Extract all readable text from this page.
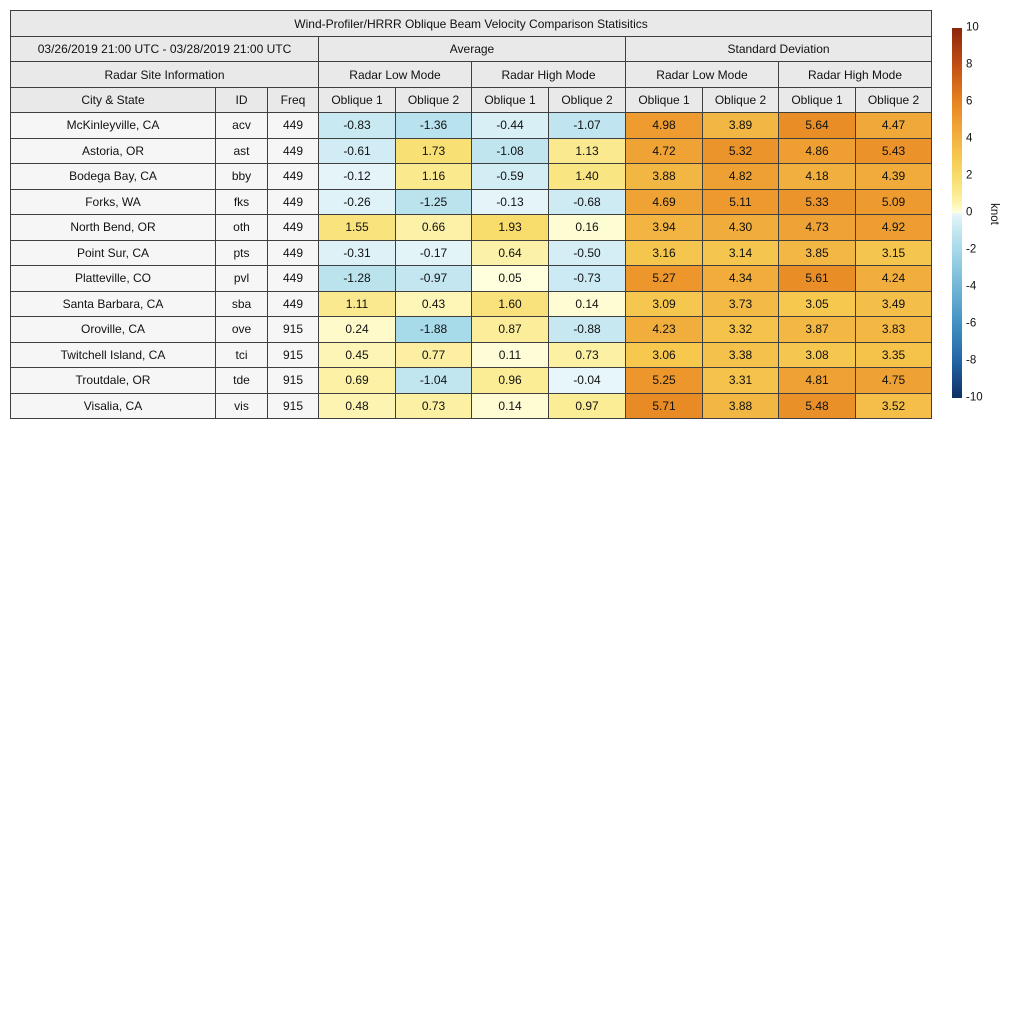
Wind-Profiler/HRRR Oblique Beam Velocity Comparison Statisitics										
03/26/2019 21:00 UTC - 03/28/2019 21:00 UTC			Average				Standard Deviation			
Radar Site Information			Radar Low Mode		Radar High Mode		Radar Low Mode		Radar High Mode	
City & State	ID	Freq	Oblique 1	Oblique 2	Oblique 1	Oblique 2	Oblique 1	Oblique 2	Oblique 1	Oblique 2
McKinleyville, CA	acv	449	-0.83	-1.36	-0.44	-1.07	4.98	3.89	5.64	4.47
Astoria, OR	ast	449	-0.61	1.73	-1.08	1.13	4.72	5.32	4.86	5.43
Bodega Bay, CA	bby	449	-0.12	1.16	-0.59	1.40	3.88	4.82	4.18	4.39
Forks, WA	fks	449	-0.26	-1.25	-0.13	-0.68	4.69	5.11	5.33	5.09
North Bend, OR	oth	449	1.55	0.66	1.93	0.16	3.94	4.30	4.73	4.92
Point Sur, CA	pts	449	-0.31	-0.17	0.64	-0.50	3.16	3.14	3.85	3.15
Platteville, CO	pvl	449	-1.28	-0.97	0.05	-0.73	5.27	4.34	5.61	4.24
Santa Barbara, CA	sba	449	1.11	0.43	1.60	0.14	3.09	3.73	3.05	3.49
Oroville, CA	ove	915	0.24	-1.88	0.87	-0.88	4.23	3.32	3.87	3.83
Twitchell Island, CA	tci	915	0.45	0.77	0.11	0.73	3.06	3.38	3.08	3.35
Troutdale, OR	tde	915	0.69	-1.04	0.96	-0.04	5.25	3.31	4.81	4.75
Visalia, CA	vis	915	0.48	0.73	0.14	0.97	5.71	3.88	5.48	3.52
10
8
6
4
2
0
-2
-4
-6
-8
-10
knot
